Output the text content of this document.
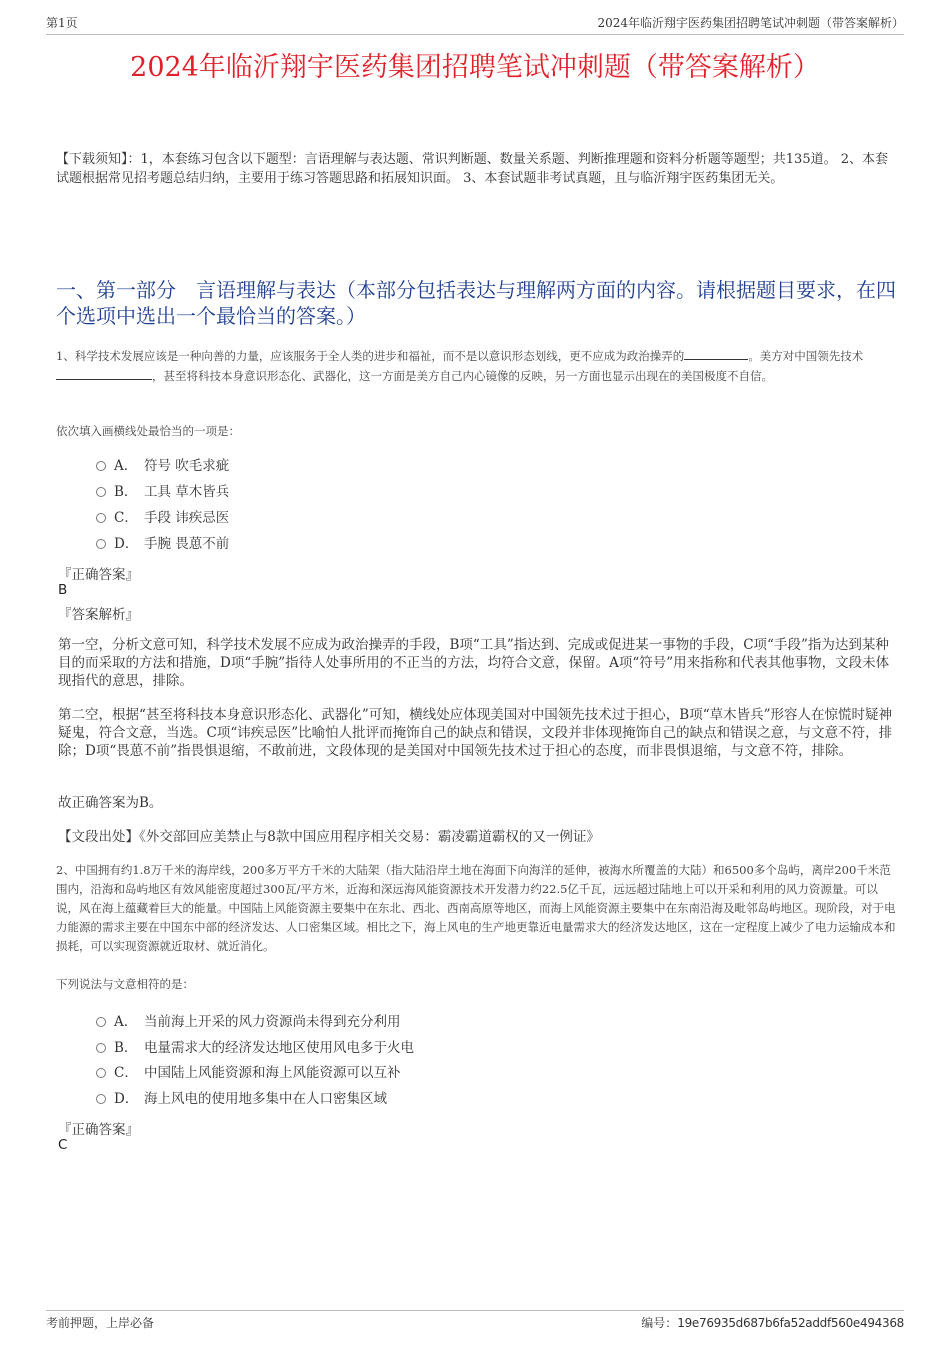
第1页	2024年临沂翔宇医药集团招聘笔试冲刺题（带答案解析）
2024年临沂翔宇医药集团招聘笔试冲刺题（带答案解析）
【下载须知】：1，本套练习包含以下题型：言语理解与表达题、常识判断题、数量关系题、判断推理题和资料分析题等题型；共135道。 2、本套试题根据常见招考题总结归纳，主要用于练习答题思路和拓展知识面。 3、本套试题非考试真题，且与临沂翔宇医药集团无关。
一、第一部分　言语理解与表达（本部分包括表达与理解两方面的内容。请根据题目要求，在四个选项中选出一个最恰当的答案。）
1、科学技术发展应该是一种向善的力量，应该服务于全人类的进步和福祉，而不是以意识形态划线，更不应成为政治操弄的	。美方对中国领先技术，甚至将科技本身意识形态化、武器化，这一方面是美方自己内心镜像的反映，另一方面也显示出现在的美国极度不自信。
依次填入画横线处最恰当的一项是：
A． 符号 吹毛求疵
B． 工具 草木皆兵
C． 手段 讳疾忌医
D． 手腕 畏葸不前
『正确答案』
B
『答案解析』
第一空，分析文意可知，科学技术发展不应成为政治操弄的手段，B项“工具”指达到、完成或促进某一事物的手段，C项“手段”指为达到某种目的而采取的方法和措施，D项“手腕”指待人处事所用的不正当的方法，均符合文意，保留。A项“符号”用来指称和代表其他事物，文段未体现指代的意思，排除。
第二空，根据“甚至将科技本身意识形态化、武器化”可知，横线处应体现美国对中国领先技术过于担心，B项“草木皆兵”形容人在惊慌时疑神疑鬼，符合文意，当选。C项“讳疾忌医”比喻怕人批评而掩饰自己的缺点和错误，文段并非体现掩饰自己的缺点和错误之意，与文意不符，排除；D项“畏葸不前”指畏惧退缩，不敢前进，文段体现的是美国对中国领先技术过于担心的态度，而非畏惧退缩，与文意不符，排除。
故正确答案为B。
【文段出处】《外交部回应美禁止与8款中国应用程序相关交易：霸凌霸道霸权的又一例证》
2、中国拥有约1.8万千米的海岸线，200多万平方千米的大陆架（指大陆沿岸土地在海面下向海洋的延伸，被海水所覆盖的大陆）和6500多个岛屿，离岸200千米范围内，沿海和岛屿地区有效风能密度超过300瓦/平方米，近海和深远海风能资源技术开发潜力约22.5亿千瓦，远远超过陆地上可以开采和利用的风力资源量。可以说，风在海上蕴藏着巨大的能量。中国陆上风能资源主要集中在东北、西北、西南高原等地区，而海上风能资源主要集中在东南沿海及毗邻岛屿地区。现阶段，对于电力能源的需求主要在中国东中部的经济发达、人口密集区域。相比之下，海上风电的生产地更靠近电量需求大的经济发达地区，这在一定程度上减少了电力运输成本和损耗，可以实现资源就近取材、就近消化。
下列说法与文意相符的是：
A． 当前海上开采的风力资源尚未得到充分利用
B． 电量需求大的经济发达地区使用风电多于火电
C． 中国陆上风能资源和海上风能资源可以互补
D． 海上风电的使用地多集中在人口密集区域
『正确答案』
C
考前押题，上岸必备	编号：19e76935d687b6fa52addf560e494368
